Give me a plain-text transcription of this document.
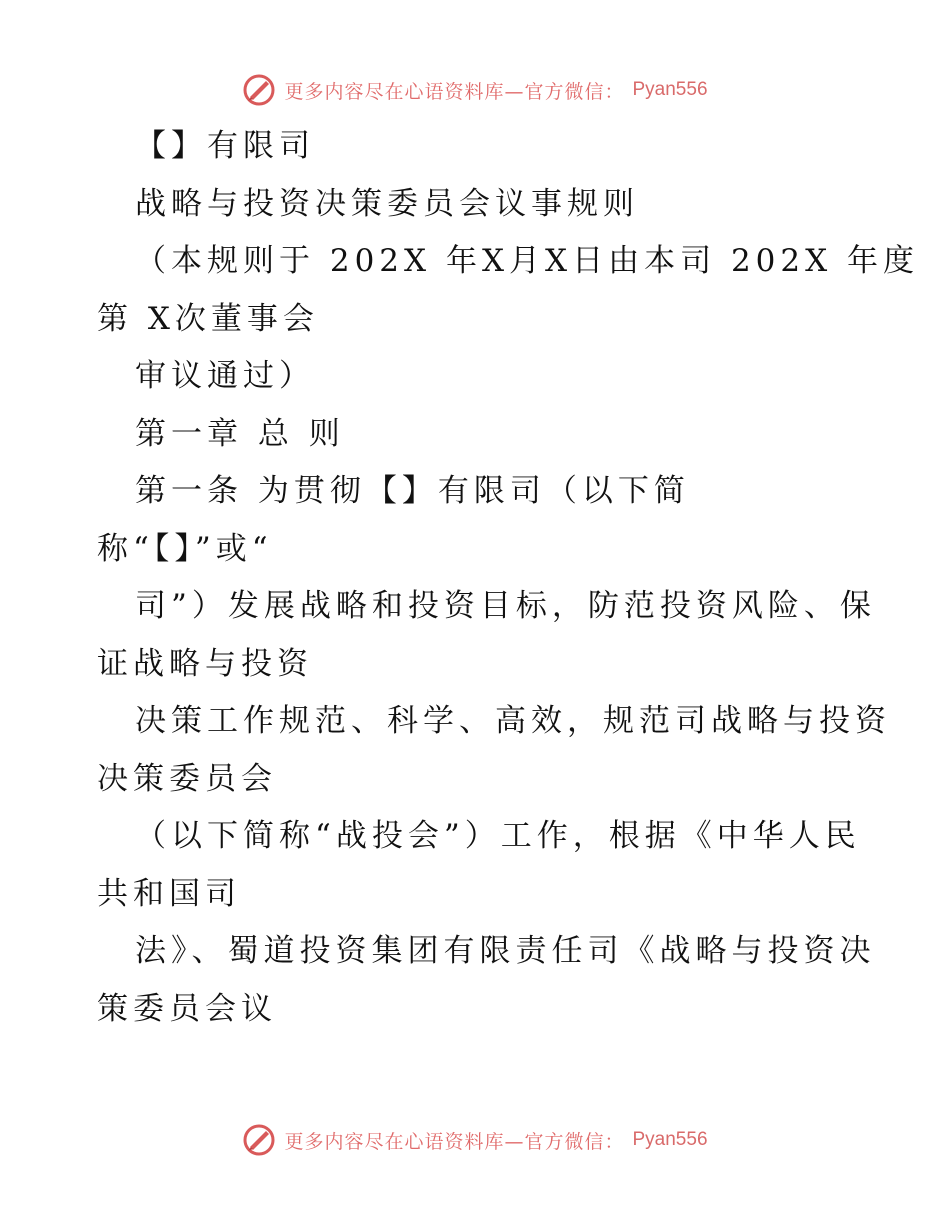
更多内容尽在心语资料库—官方微信： Pyan556
【】有限司
战略与投资决策委员会议事规则
（本规则于 202X 年X月X日由本司 202X 年度
第 X次董事会
审议通过）
第一章 总 则
第一条 为贯彻【】有限司（以下简
称“【】”或“
司”）发展战略和投资目标，防范投资风险、保
证战略与投资
决策工作规范、科学、高效，规范司战略与投资
决策委员会
（以下简称“战投会”）工作，根据《中华人民
共和国司
法》、蜀道投资集团有限责任司《战略与投资决
策委员会议
更多内容尽在心语资料库—官方微信： Pyan556
